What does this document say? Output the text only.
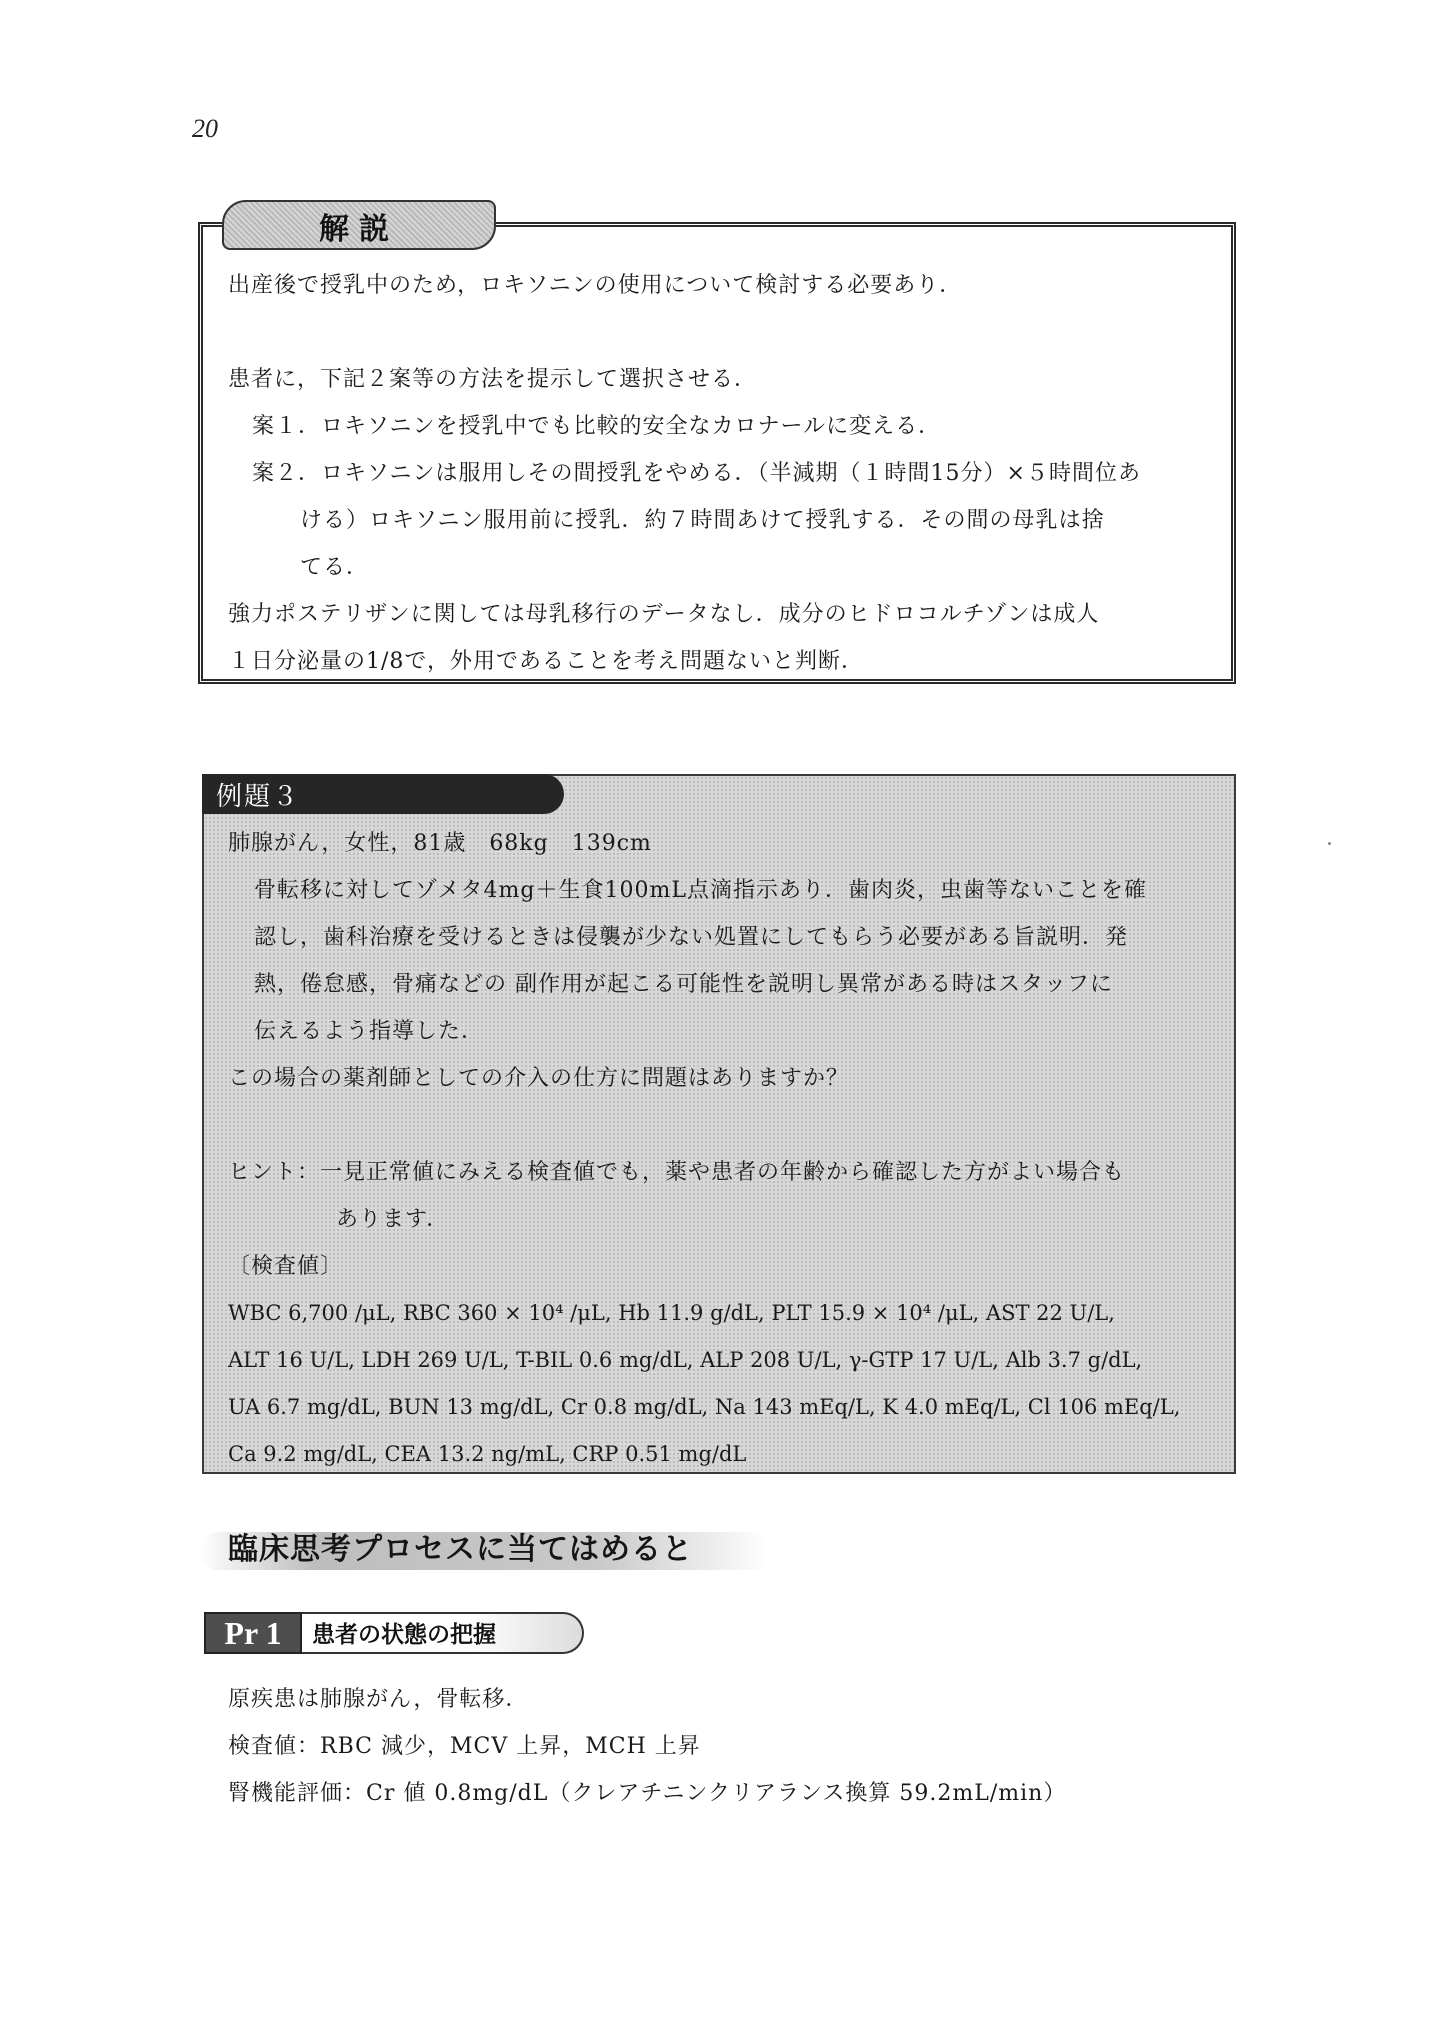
20
解説

出産後で授乳中のため，ロキソニンの使用について検討する必要あり．

患者に，下記２案等の方法を提示して選択させる．

案１．ロキソニンを授乳中でも比較的安全なカロナールに変える．

案２．ロキソニンは服用しその間授乳をやめる．（半減期（１時間15分）×５時間位あ

ける）ロキソニン服用前に授乳．約７時間あけて授乳する．その間の母乳は捨

てる．

強力ポステリザンに関しては母乳移行のデータなし．成分のヒドロコルチゾンは成人

１日分泌量の1/8で，外用であることを考え問題ないと判断．

例題３

肺腺がん，女性，81歳　68kg　139cm

骨転移に対してゾメタ4mg＋生食100mL点滴指示あり．歯肉炎，虫歯等ないことを確

認し，歯科治療を受けるときは侵襲が少ない処置にしてもらう必要がある旨説明．発

熱，倦怠感，骨痛などの 副作用が起こる可能性を説明し異常がある時はスタッフに

伝えるよう指導した．

この場合の薬剤師としての介入の仕方に問題はありますか？

ヒント：一見正常値にみえる検査値でも，薬や患者の年齢から確認した方がよい場合も

あります．

〔検査値〕

WBC 6,700 /μL, RBC 360 × 10⁴ /μL, Hb 11.9 g/dL, PLT 15.9 × 10⁴ /μL, AST 22 U/L,

ALT 16 U/L, LDH 269 U/L, T-BIL 0.6 mg/dL, ALP 208 U/L, γ-GTP 17 U/L, Alb 3.7 g/dL,

UA 6.7 mg/dL, BUN 13 mg/dL, Cr 0.8 mg/dL, Na 143 mEq/L, K 4.0 mEq/L, Cl 106 mEq/L,

Ca 9.2 mg/dL, CEA 13.2 ng/mL, CRP 0.51 mg/dL

臨床思考プロセスに当てはめると
Pr 1	患者の状態の把握

原疾患は肺腺がん，骨転移．

検査値：RBC 減少，MCV 上昇，MCH 上昇

腎機能評価：Cr 値 0.8mg/dL（クレアチニンクリアランス換算 59.2mL/min）
